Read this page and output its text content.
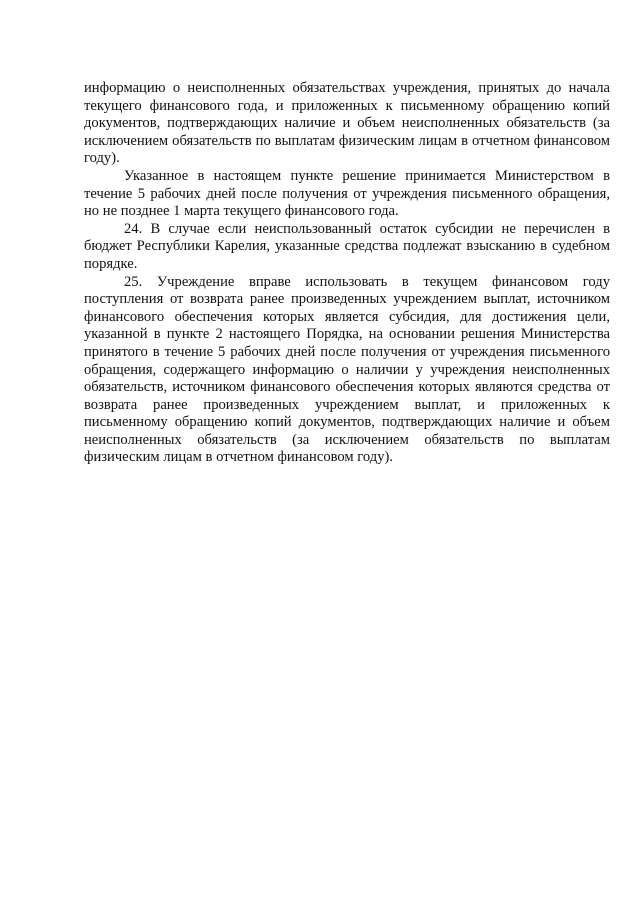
информацию о неисполненных обязательствах учреждения, принятых до начала текущего финансового года, и приложенных к письменному обращению копий документов, подтверждающих наличие и объем неисполненных обязательств (за исключением обязательств по выплатам физическим лицам в отчетном финансовом году).

Указанное в настоящем пункте решение принимается Министерством в течение 5 рабочих дней после получения от учреждения письменного обращения, но не позднее 1 марта текущего финансового года.

24. В случае если неиспользованный остаток субсидии не перечислен в бюджет Республики Карелия, указанные средства подлежат взысканию в судебном порядке.

25. Учреждение вправе использовать в текущем финансовом году поступления от возврата ранее произведенных учреждением выплат, источником финансового обеспечения которых является субсидия, для достижения цели, указанной в пункте 2 настоящего Порядка, на основании решения Министерства принятого в течение 5 рабочих дней после получения от учреждения письменного обращения, содержащего информацию о наличии у учреждения неисполненных обязательств, источником финансового обеспечения которых являются средства от возврата ранее произведенных учреждением выплат, и приложенных к письменному обращению копий документов, подтверждающих наличие и объем неисполненных обязательств (за исключением обязательств по выплатам физическим лицам в отчетном финансовом году).
